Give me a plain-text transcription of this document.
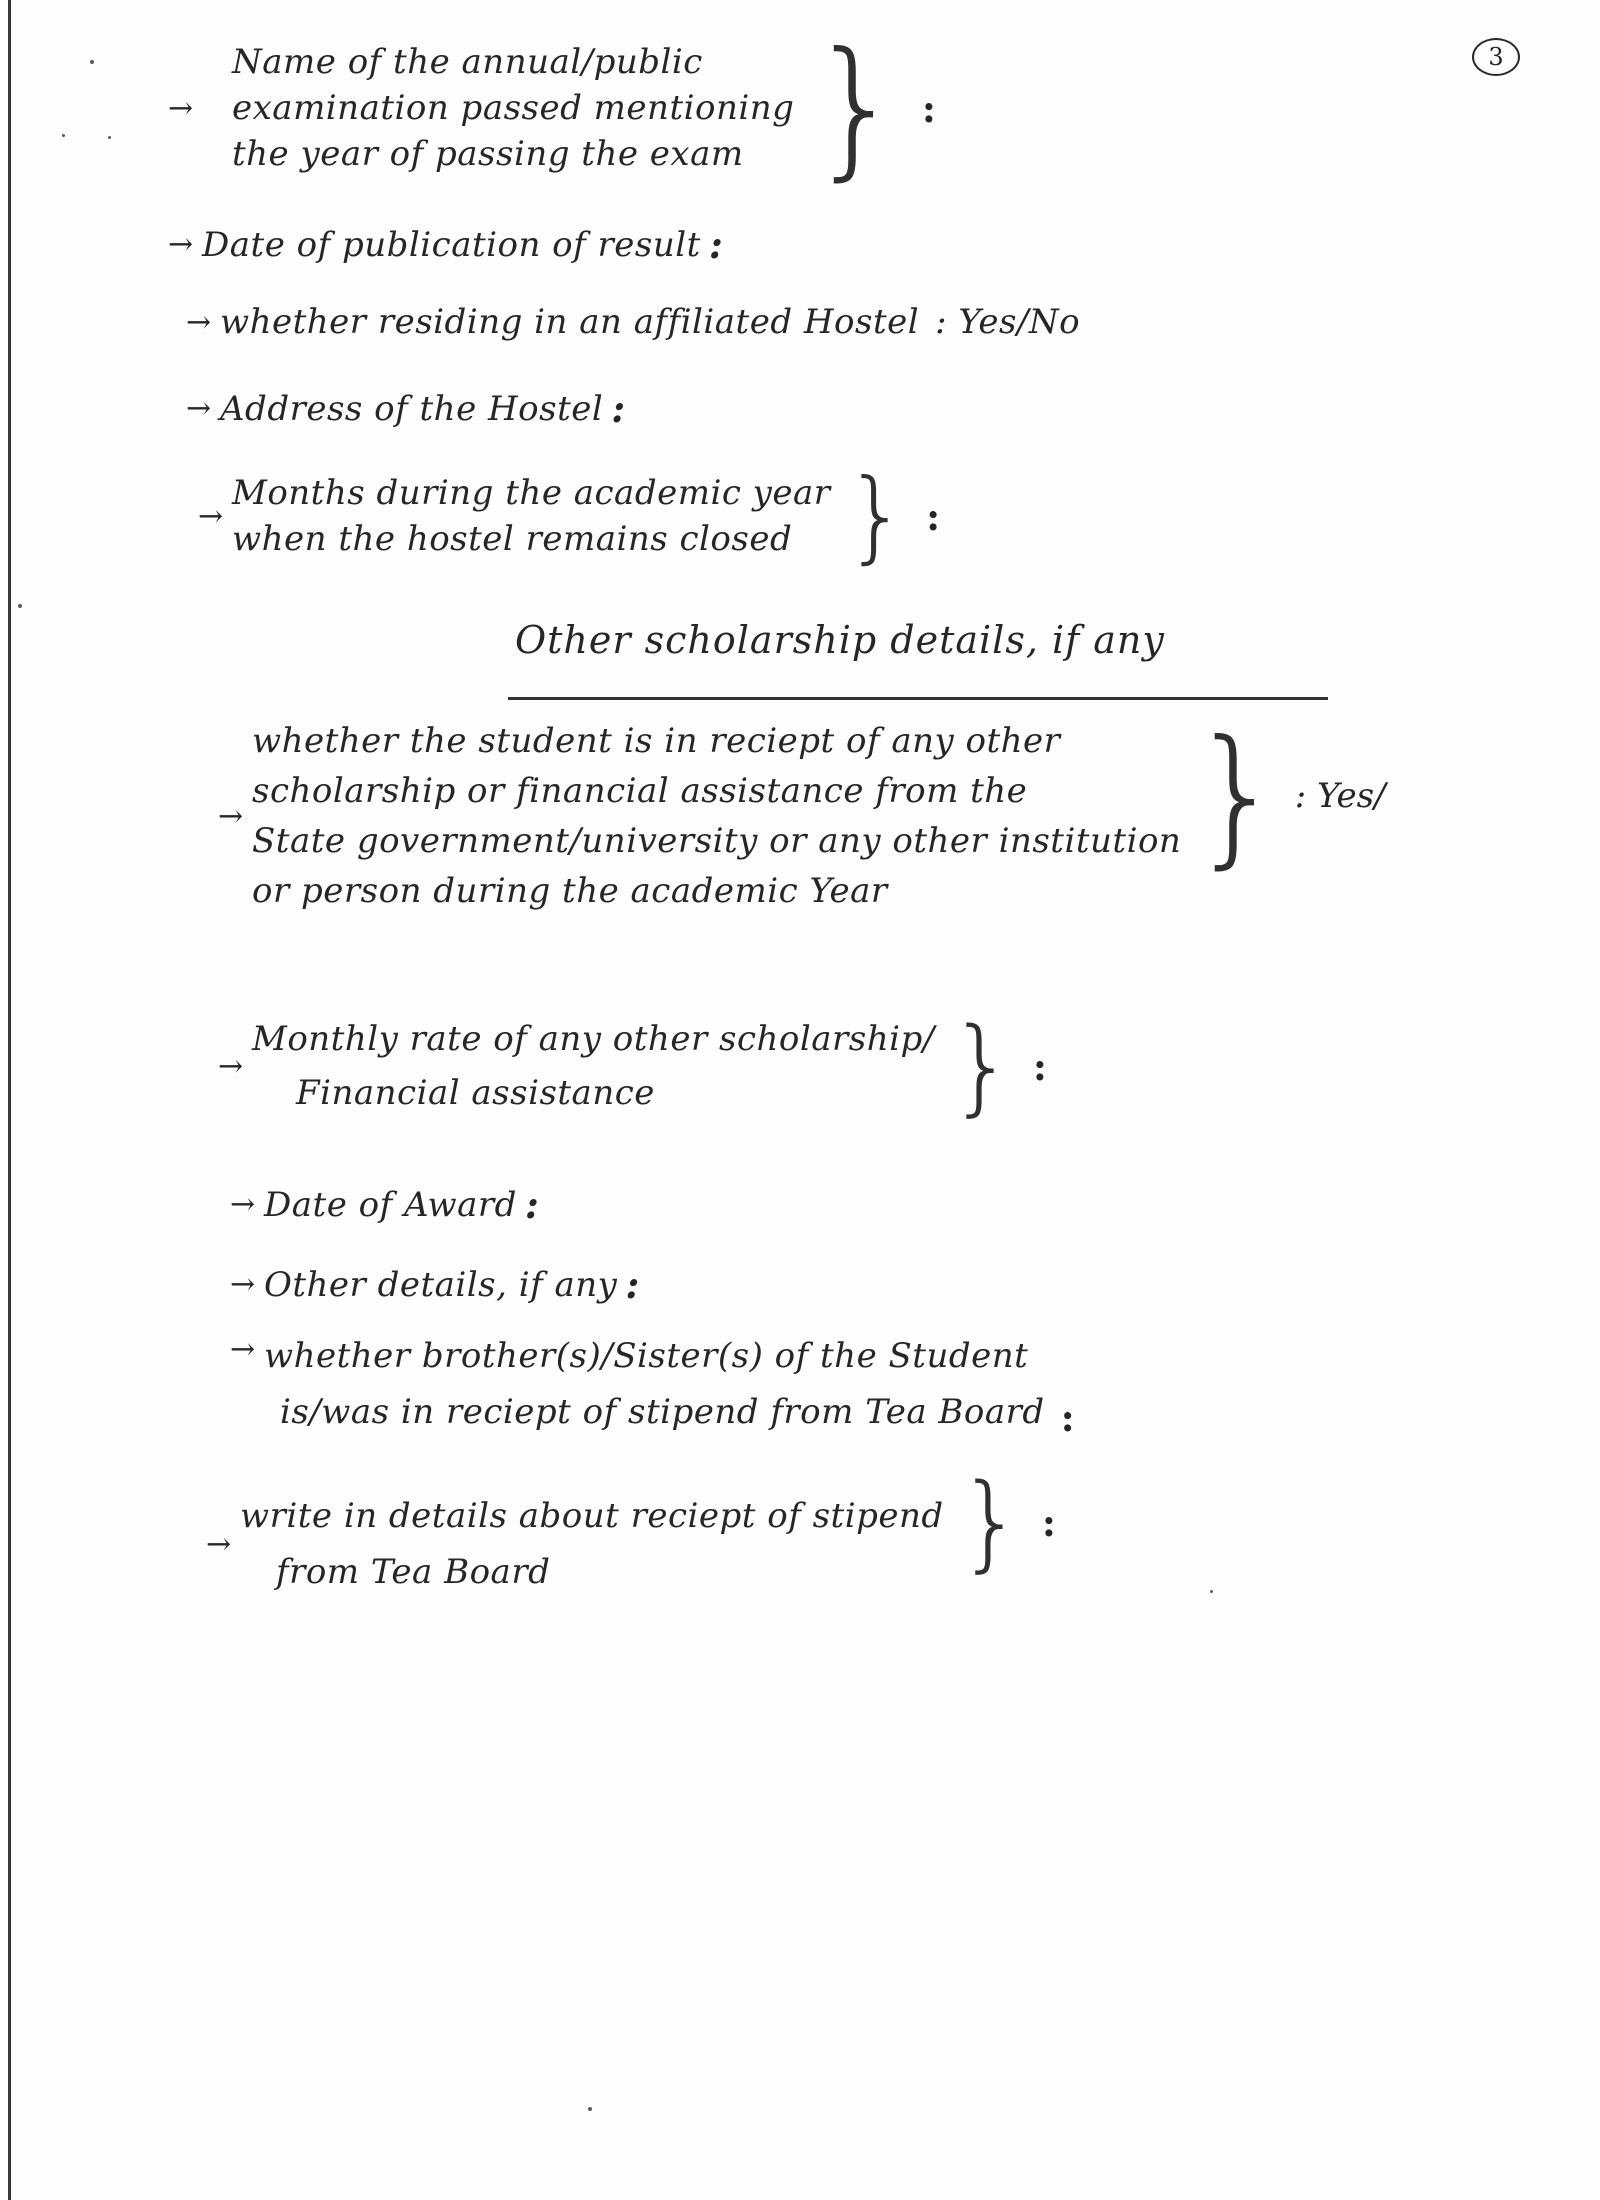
3
→
Name of the annual/public
examination passed mentioning
the year of passing the exam } :
→ Date of publication of result :
→ whether residing in an affiliated Hostel : Yes/No
→ Address of the Hostel :
→
Months during the academic year
when the hostel remains closed } :
Other scholarship details, if any
→
whether the student is in reciept of any other
scholarship or financial assistance from the
State government/university or any other institution
or person during the academic Year
} : Yes/
→
Monthly rate of any other scholarship/
Financial assistance	} :
→ Date of Award :
→ Other details, if any :
→ whether brother(s)/Sister(s) of the Student
is/was in reciept of stipend from Tea Board :
→
write in details about reciept of stipend
from Tea Board	} :
